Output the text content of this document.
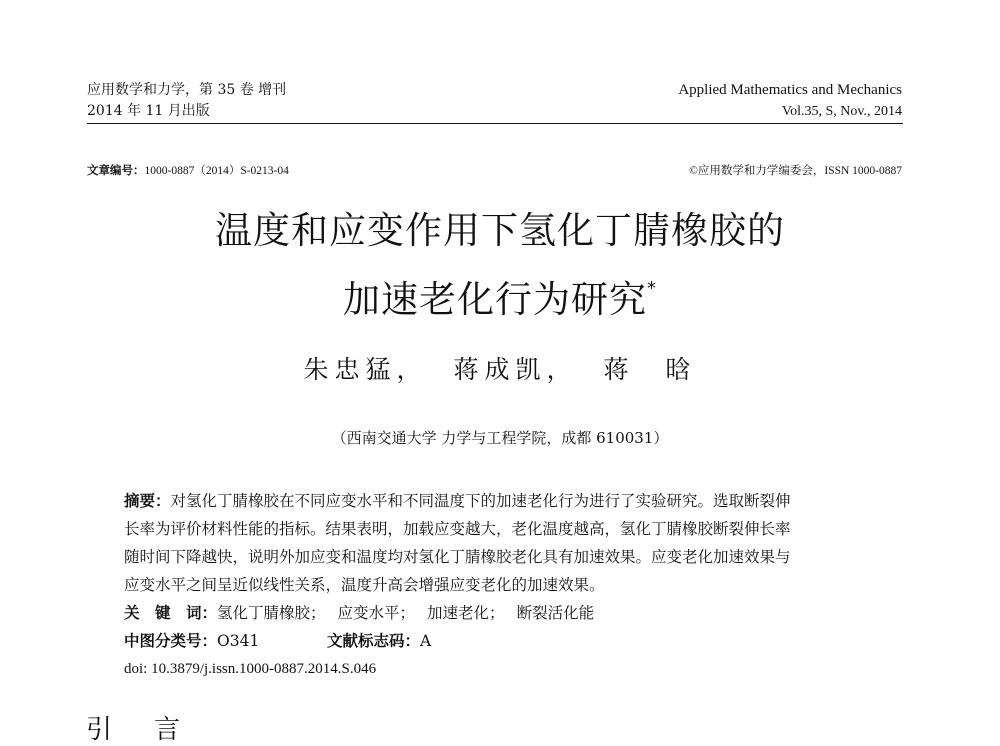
应用数学和力学，第 35 卷 增刊
2014 年 11 月出版
Applied Mathematics and Mechanics
Vol.35, S, Nov., 2014
文章编号：1000-0887（2014）S-0213-04	©应用数学和力学编委会，ISSN 1000-0887
温度和应变作用下氢化丁腈橡胶的
加速老化行为研究*
朱忠猛， 蒋成凯， 蒋　晗
（西南交通大学 力学与工程学院，成都 610031）
摘要：对氢化丁腈橡胶在不同应变水平和不同温度下的加速老化行为进行了实验研究。选取断裂伸
长率为评价材料性能的指标。结果表明，加载应变越大，老化温度越高，氢化丁腈橡胶断裂伸长率
随时间下降越快，说明外加应变和温度均对氢化丁腈橡胶老化具有加速效果。应变老化加速效果与
应变水平之间呈近似线性关系，温度升高会增强应变老化的加速效果。
关　键　词：氢化丁腈橡胶； 应变水平； 加速老化； 断裂活化能
中图分类号：O341	文献标志码：A
doi: 10.3879/j.issn.1000-0887.2014.S.046
引言
